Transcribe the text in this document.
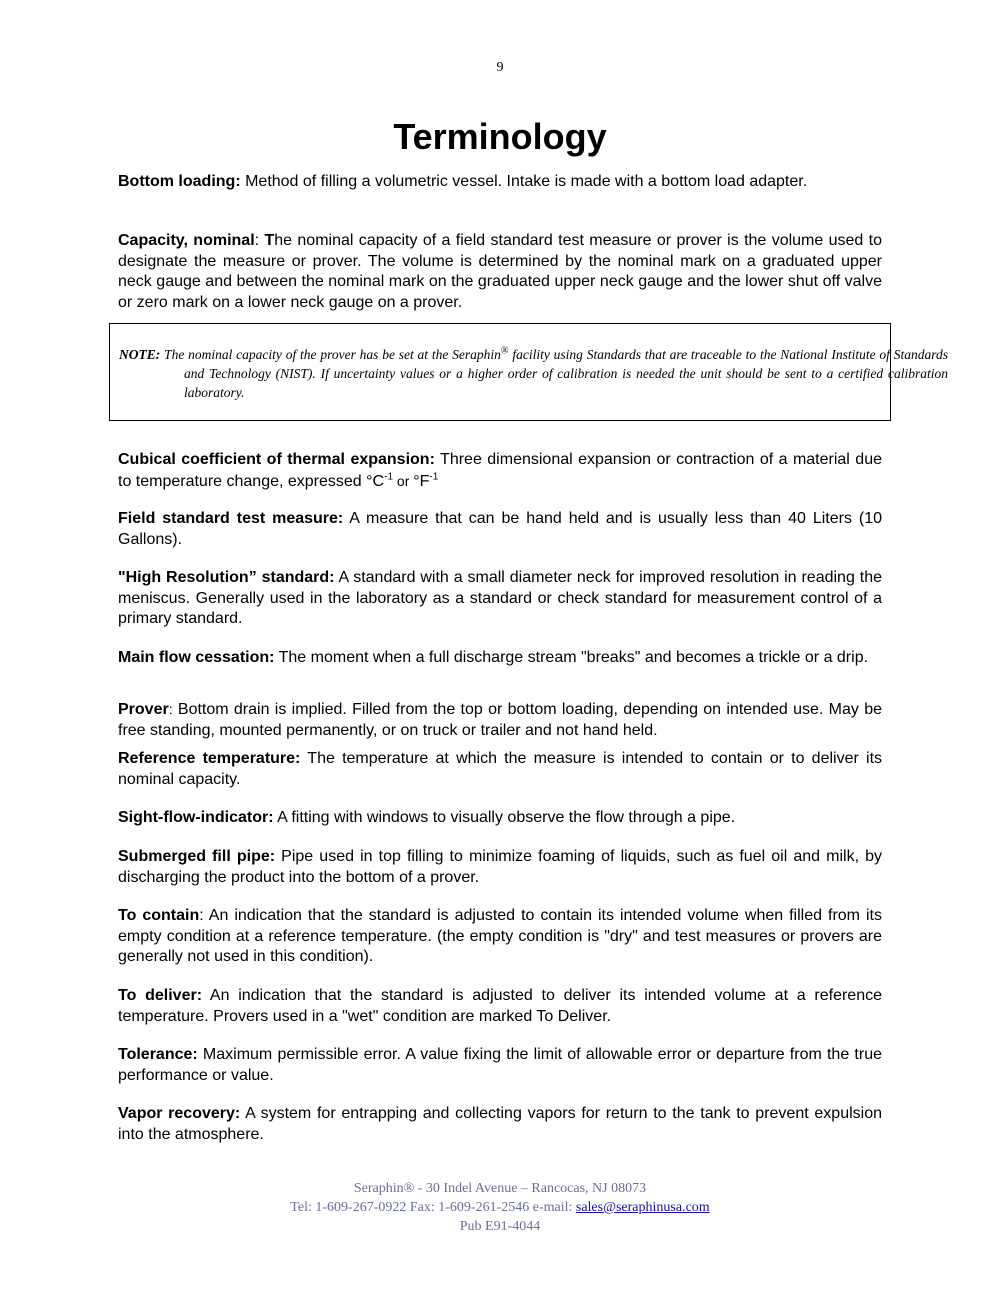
9
Terminology

Bottom loading: Method of filling a volumetric vessel. Intake is made with a bottom load adapter.

Capacity, nominal: The nominal capacity of a field standard test measure or prover is the volume used to designate the measure or prover. The volume is determined by the nominal mark on a graduated upper neck gauge and between the nominal mark on the graduated upper neck gauge and the lower shut off valve or zero mark on a lower neck gauge on a prover.

NOTE: The nominal capacity of the prover has be set at the Seraphin® facility using Standards that are traceable to the National Institute of Standards and Technology (NIST). If uncertainty values or a higher order of calibration is needed the unit should be sent to a certified calibration laboratory.

Cubical coefficient of thermal expansion: Three dimensional expansion or contraction of a material due to temperature change, expressed $^\circ C^{-1}$ or $^\circ F^{-1}$

Field standard test measure: A measure that can be hand held and is usually less than 40 Liters (10 Gallons).

"High Resolution” standard: A standard with a small diameter neck for improved resolution in reading the meniscus. Generally used in the laboratory as a standard or check standard for measurement control of a primary standard.

Main flow cessation: The moment when a full discharge stream "breaks" and becomes a trickle or a drip.

Prover: Bottom drain is implied. Filled from the top or bottom loading, depending on intended use. May be free standing, mounted permanently, or on truck or trailer and not hand held.

Reference temperature: The temperature at which the measure is intended to contain or to deliver its nominal capacity.

Sight-flow-indicator: A fitting with windows to visually observe the flow through a pipe.

Submerged fill pipe: Pipe used in top filling to minimize foaming of liquids, such as fuel oil and milk, by discharging the product into the bottom of a prover.

To contain: An indication that the standard is adjusted to contain its intended volume when filled from its empty condition at a reference temperature. (the empty condition is "dry" and test measures or provers are generally not used in this condition).

To deliver: An indication that the standard is adjusted to deliver its intended volume at a reference temperature. Provers used in a "wet" condition are marked To Deliver.

Tolerance: Maximum permissible error. A value fixing the limit of allowable error or departure from the true performance or value.

Vapor recovery: A system for entrapping and collecting vapors for return to the tank to prevent expulsion into the atmosphere.

Seraphin® - 30 Indel Avenue – Rancocas, NJ 08073
Tel: 1-609-267-0922 Fax: 1-609-261-2546 e-mail: sales@seraphinusa.com
Pub E91-4044
